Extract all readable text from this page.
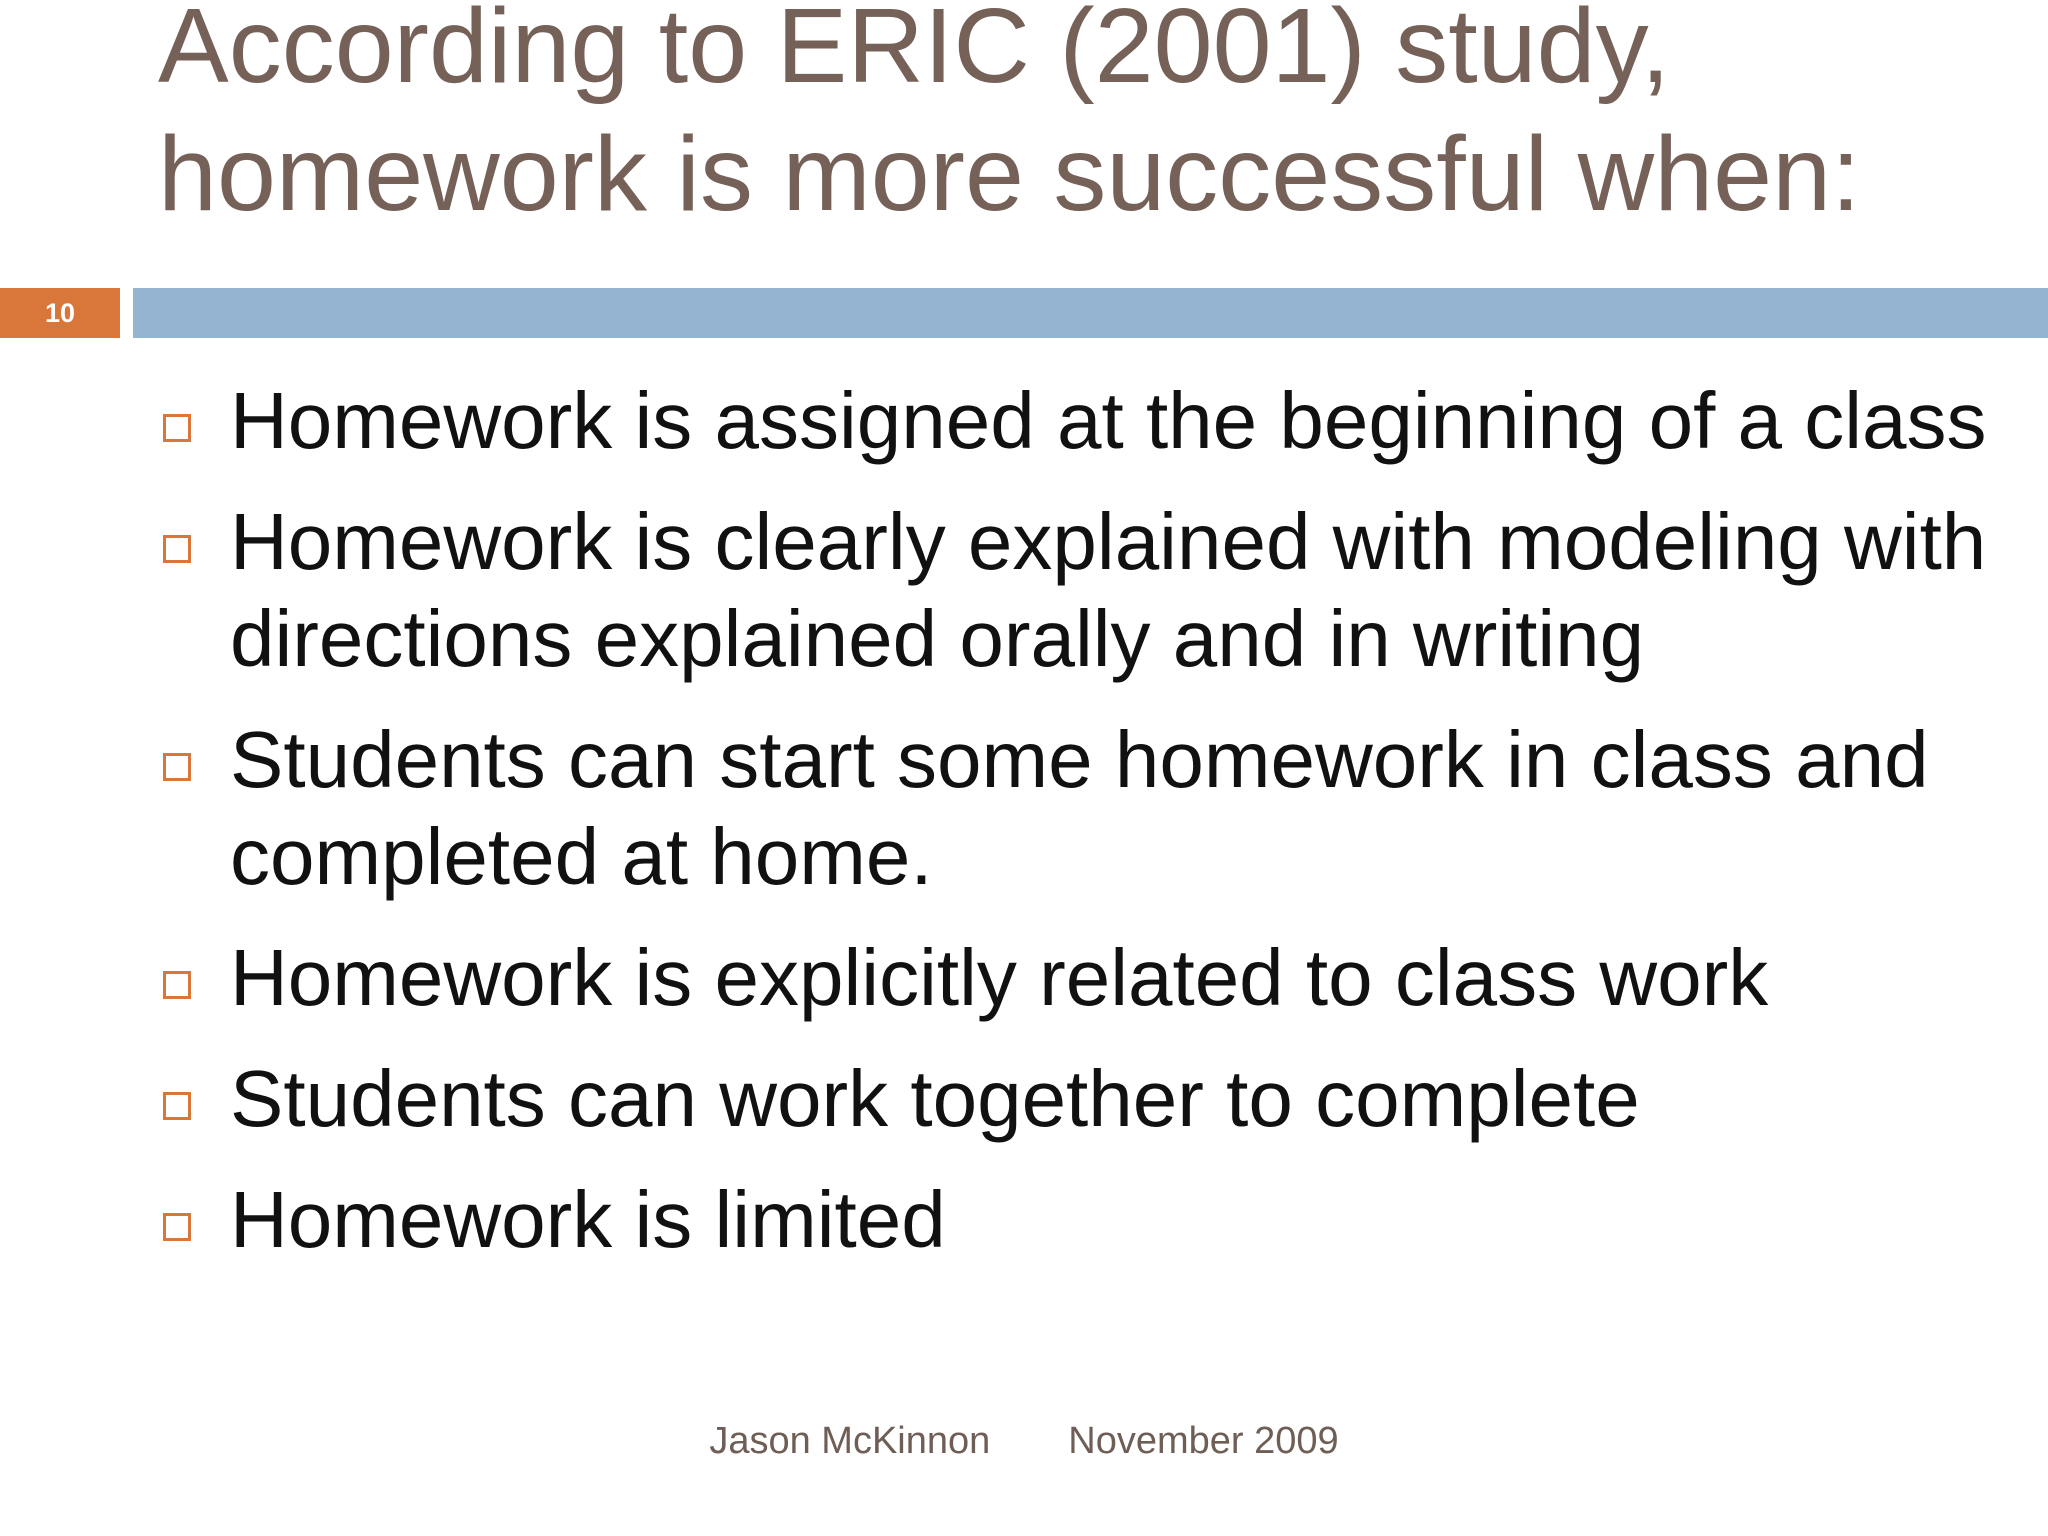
10
According to ERIC (2001) study, homework is more successful when:
Homework is assigned at the beginning of a class
Homework is clearly explained with modeling with directions explained orally and in writing
Students can start some homework in class and completed at home.
Homework is explicitly related to class work
Students can work together to complete
Homework is limited
Jason McKinnon November 2009
